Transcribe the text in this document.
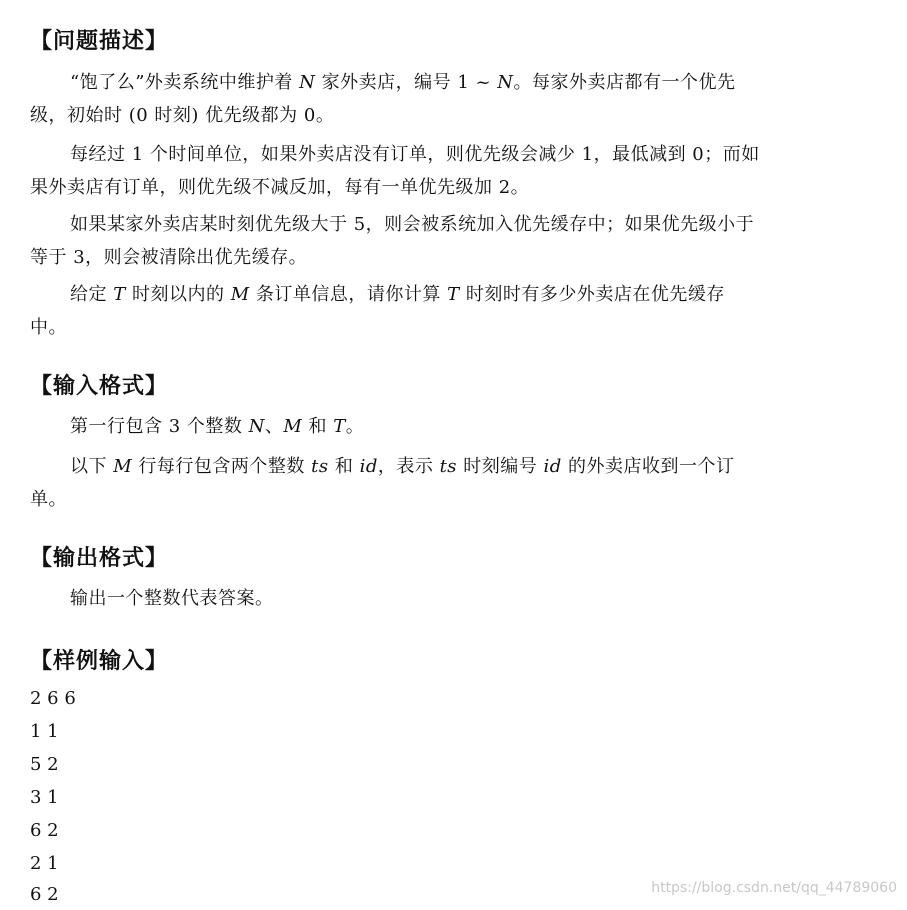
【问题描述】
“饱了么”外卖系统中维护着 N 家外卖店，编号 1 ~ N。每家外卖店都有一个优先级，初始时 (0 时刻) 优先级都为 0。
每经过 1 个时间单位，如果外卖店没有订单，则优先级会减少 1，最低减到 0；而如果外卖店有订单，则优先级不减反加，每有一单优先级加 2。
如果某家外卖店某时刻优先级大于 5，则会被系统加入优先缓存中；如果优先级小于等于 3，则会被清除出优先缓存。
给定 T 时刻以内的 M 条订单信息，请你计算 T 时刻时有多少外卖店在优先缓存中。
【输入格式】
第一行包含 3 个整数 N、M 和 T。
以下 M 行每行包含两个整数 ts 和 id，表示 ts 时刻编号 id 的外卖店收到一个订单。
【输出格式】
输出一个整数代表答案。
【样例输入】
2 6 6
1 1
5 2
3 1
6 2
2 1
6 2	https://blog.csdn.net/qq_44789060
